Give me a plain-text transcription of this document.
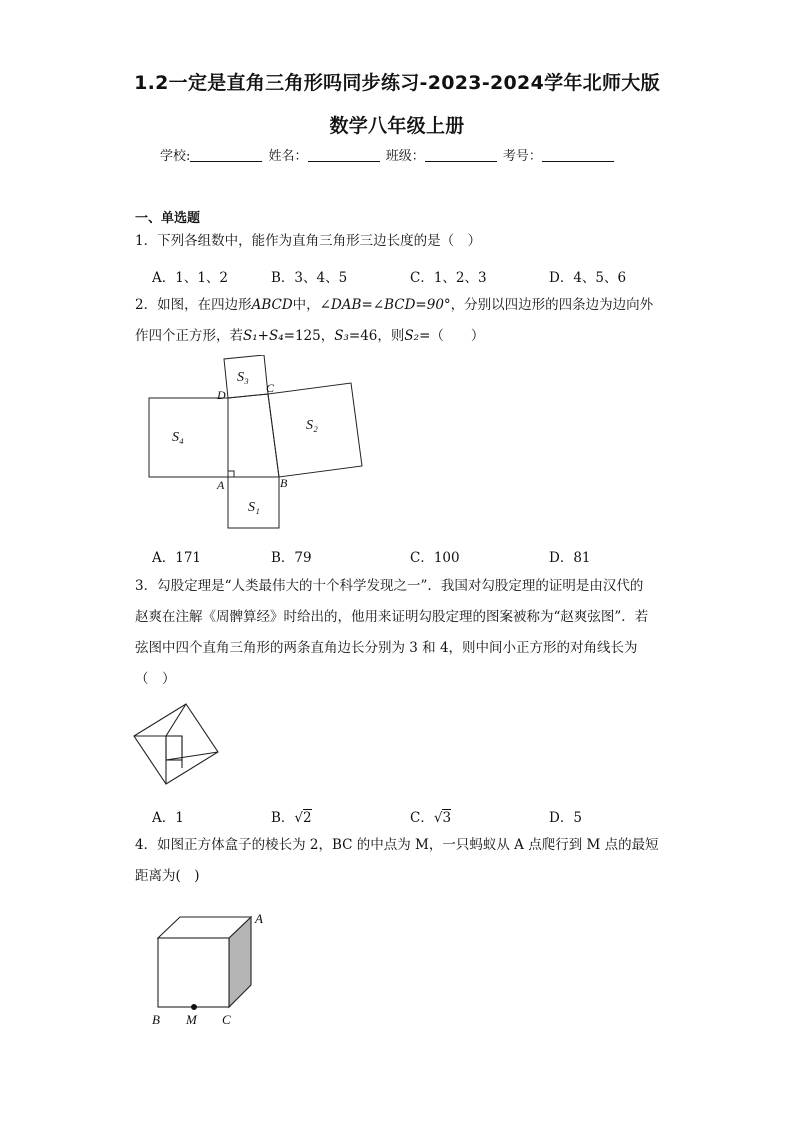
1.2一定是直角三角形吗同步练习-2023-2024学年北师大版
数学八年级上册
学校:	姓名：	班级：	考号：
一、单选题
1．下列各组数中，能作为直角三角形三边长度的是（　）
A．1、1、2	B．3、4、5	C．1、2、3	D．4、5、6
2．如图，在四边形ABCD中，∠DAB=∠BCD=90°，分别以四边形的四条边为边向外
作四个正方形，若S₁+S₄=125，S₃=46，则S₂=（　　）
S₃
S₄
S₂
S₁
D	C
A	B
A．171	B．79	C．100	D．81
3．勾股定理是“人类最伟大的十个科学发现之一”．我国对勾股定理的证明是由汉代的
赵爽在注解《周髀算经》时给出的，他用来证明勾股定理的图案被称为“赵爽弦图”．若
弦图中四个直角三角形的两条直角边长分别为 3 和 4，则中间小正方形的对角线长为
（　）
A．1	B．√2	C．√3	D．5
4．如图正方体盒子的棱长为 2，BC 的中点为 M，一只蚂蚁从 A 点爬行到 M 点的最短
距离为(　)
A
B M C
